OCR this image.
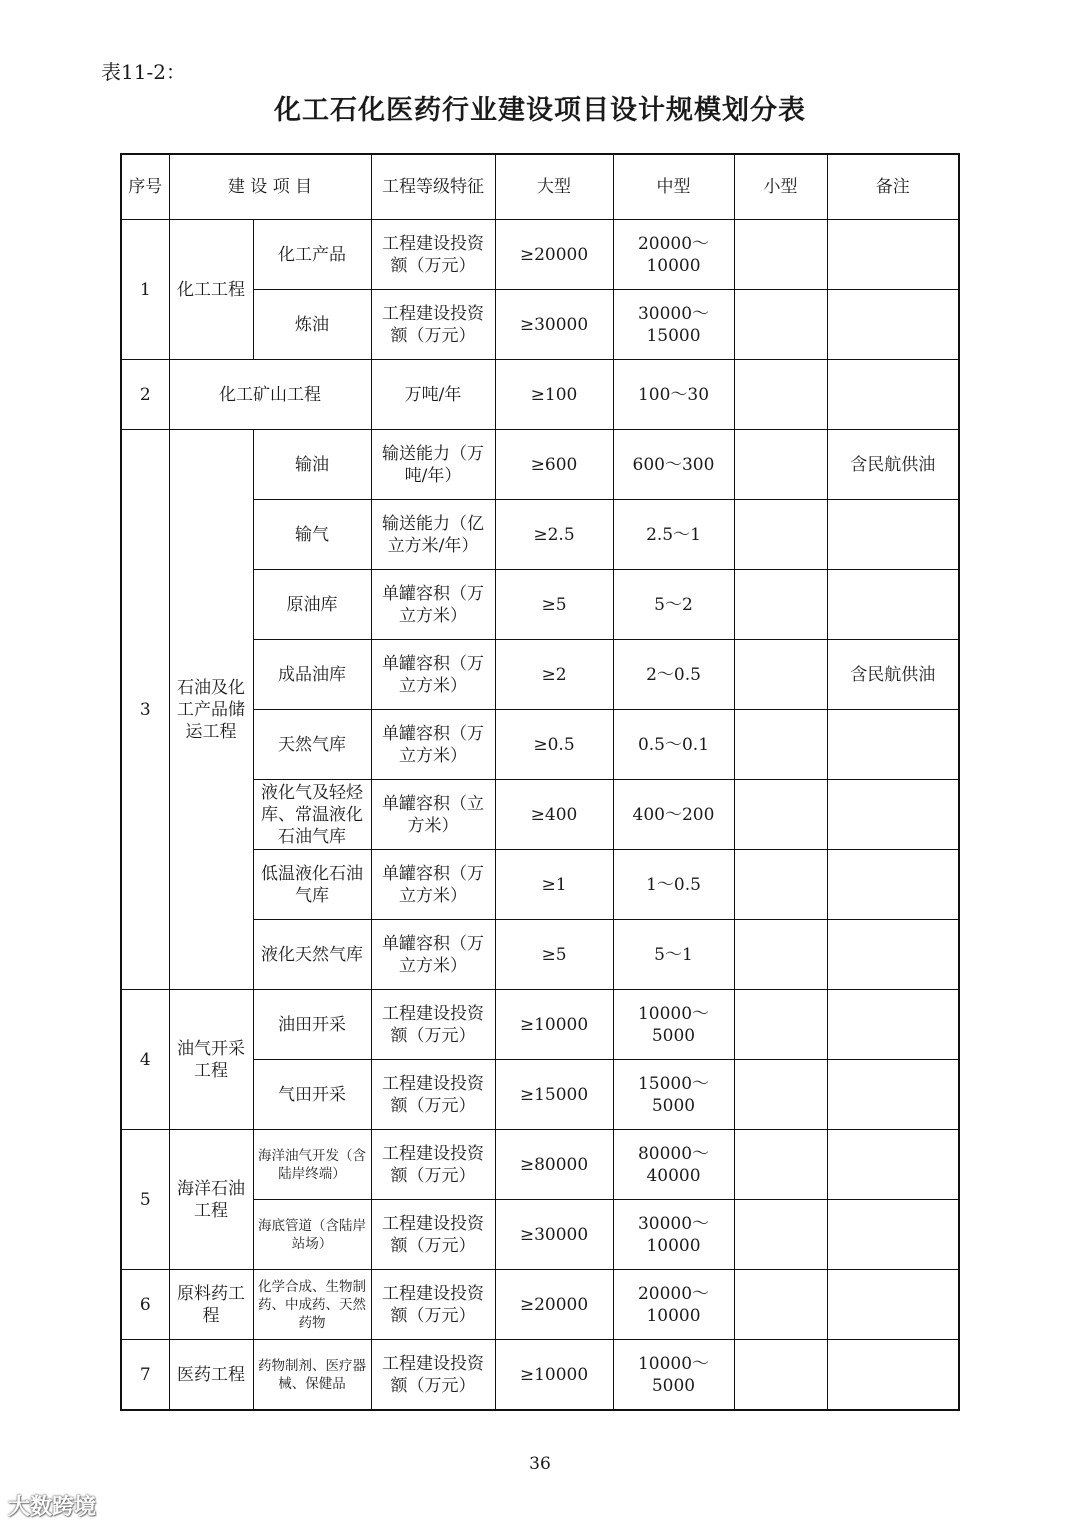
表11-2：
化工石化医药行业建设项目设计规模划分表
序号	建 设 项 目		工程等级特征	大型	中型	小型	备注
1	化工工程	化工产品	工程建设投资额（万元）	≥20000	20000～10000		
		炼油	工程建设投资额（万元）	≥30000	30000～15000		
2	化工矿山工程		万吨/年	≥100	100～30		
3	石油及化工产品储运工程	输油	输送能力（万吨/年）	≥600	600～300		含民航供油
		输气	输送能力（亿立方米/年）	≥2.5	2.5～1		
		原油库	单罐容积（万立方米）	≥5	5～2		
		成品油库	单罐容积（万立方米）	≥2	2～0.5		含民航供油
		天然气库	单罐容积（万立方米）	≥0.5	0.5～0.1		
		液化气及轻烃库、常温液化石油气库	单罐容积（立方米）	≥400	400～200		
		低温液化石油气库	单罐容积（万立方米）	≥1	1～0.5		
		液化天然气库	单罐容积（万立方米）	≥5	5～1		
4	油气开采工程	油田开采	工程建设投资额（万元）	≥10000	10000～5000		
		气田开采	工程建设投资额（万元）	≥15000	15000～5000		
5	海洋石油工程	海洋油气开发（含陆岸终端）	工程建设投资额（万元）	≥80000	80000～40000		
		海底管道（含陆岸站场）	工程建设投资额（万元）	≥30000	30000～10000		
6	原料药工程	化学合成、生物制药、中成药、天然药物	工程建设投资额（万元）	≥20000	20000～10000		
7	医药工程	药物制剂、医疗器械、保健品	工程建设投资额（万元）	≥10000	10000～5000		
36
大数跨境
